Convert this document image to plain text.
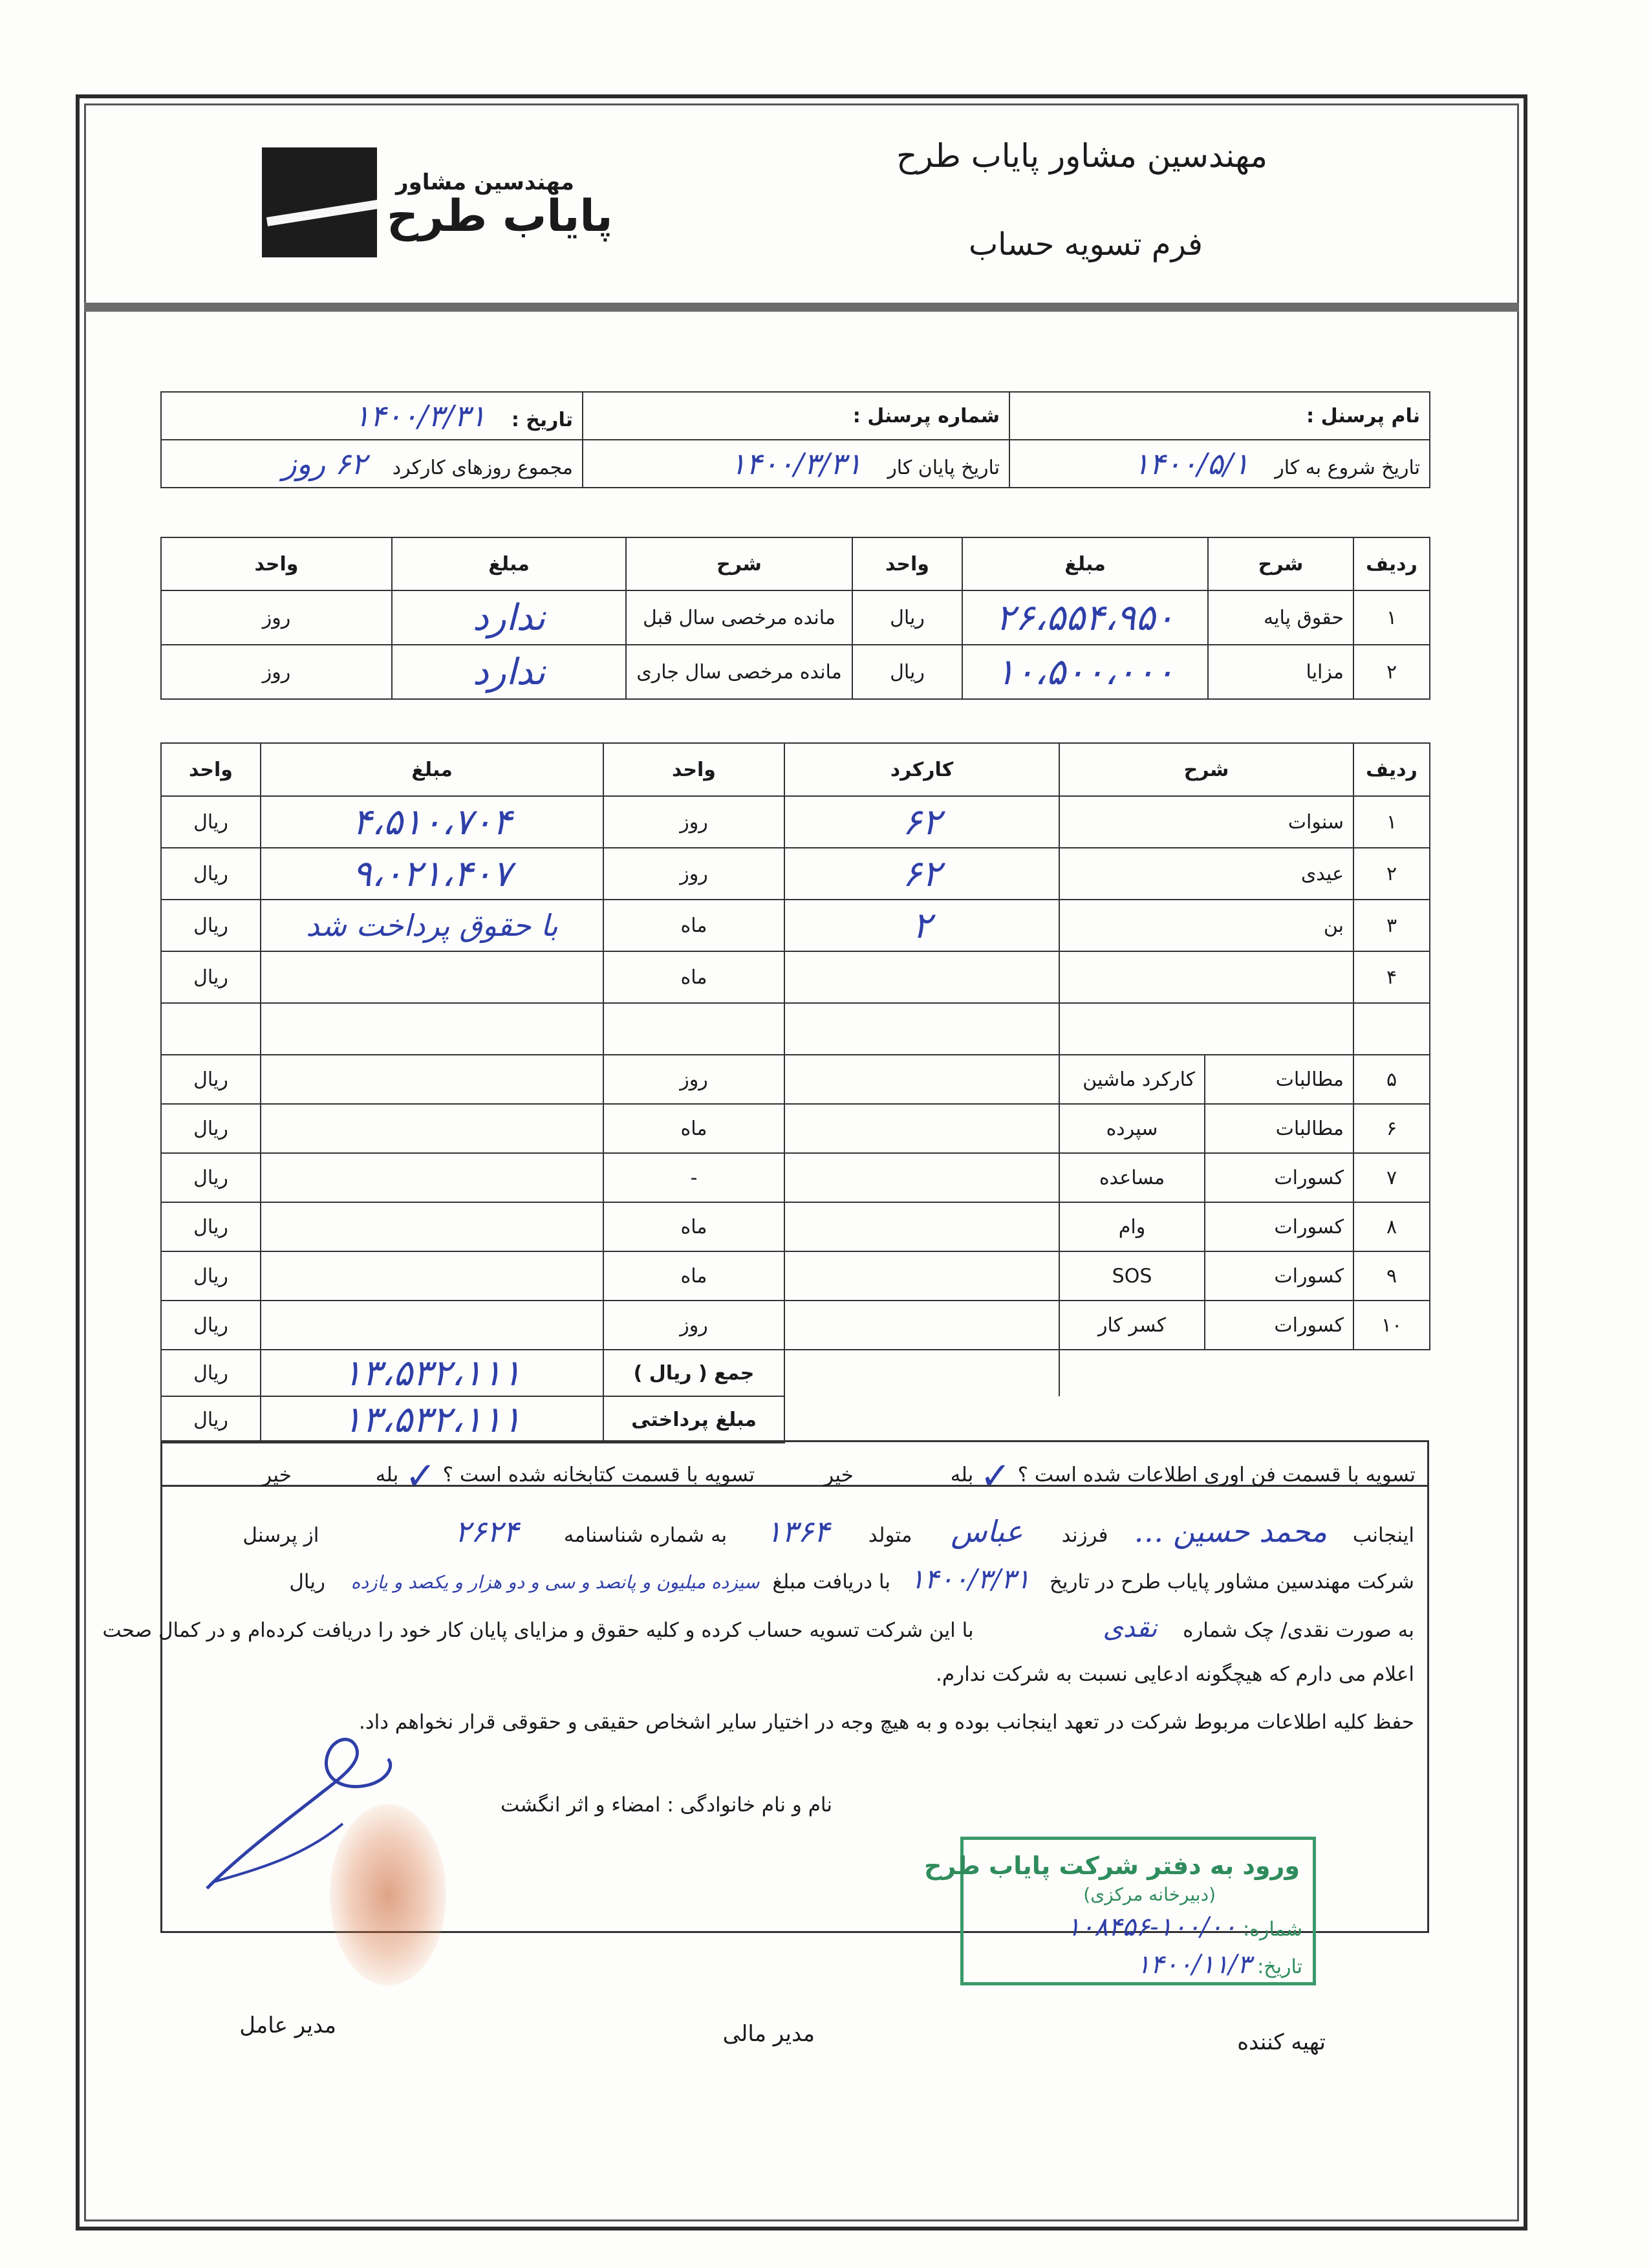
مهندسین مشاور
پایاب طرح
مهندسین مشاور پایاب طرح
فرم تسویه حساب
نام پرسنل :	شماره پرسنل :	تاریخ : ۱۴۰۰/۳/۳۱
تاریخ شروع به کار ۱۴۰۰/۵/۱	تاریخ پایان کار ۱۴۰۰/۳/۳۱	مجموع روزهای کارکرد ۶۲ روز
ردیف	شرح	مبلغ	واحد	شرح	مبلغ	واحد
۱	حقوق پایه	۲۶،۵۵۴،۹۵۰	ریال	مانده مرخصی سال قبل	ندارد	روز
۲	مزایا	۱۰،۵۰۰،۰۰۰	ریال	مانده مرخصی سال جاری	ندارد	روز
ردیف	شرح		کارکرد	واحد	مبلغ	واحد
۱	سنوات		۶۲	روز	۴،۵۱۰،۷۰۴	ریال
۲	عیدی		۶۲	روز	۹،۰۲۱،۴۰۷	ریال
۳	بن		۲	ماه	با حقوق پرداخت شد	ریال
۴				ماه		ریال

۵	مطالبات	کارکرد ماشین		روز		ریال
۶	مطالبات	سپرده		ماه		ریال
۷	کسورات	مساعده		-		ریال
۸	کسورات	وام		ماه		ریال
۹	کسورات	SOS		ماه		ریال
۱۰	کسورات	کسر کار		روز		ریال
				جمع ( ریال )	۱۳،۵۳۲،۱۱۱	ریال
				مبلغ پرداختی	۱۳،۵۳۲،۱۱۱	ریال
تسویه با قسمت فن اوری اطلاعات شده است ؟ ✓ بله خیر
تسویه با قسمت کتابخانه شده است ؟ ✓ بله خیر
اینجانب محمد حسین … فرزند عباس متولد ۱۳۶۴ به شماره شناسنامه ۲۶۲۴ از پرسنل
شرکت مهندسین مشاور پایاب طرح در تاریخ ۱۴۰۰/۳/۳۱ با دریافت مبلغ سیزده میلیون و پانصد و سی و دو هزار و یکصد و یازده ریال
به صورت نقدی/ چک شماره نقدی با این شرکت تسویه حساب کرده و کلیه حقوق و مزایای پایان کار خود را دریافت کرده‌ام و در کمال صحت
اعلام می دارم که هیچگونه ادعایی نسبت به شرکت ندارم.
حفظ کلیه اطلاعات مربوط شرکت در تعهد اینجانب بوده و به هیچ وجه در اختیار سایر اشخاص حقیقی و حقوقی قرار نخواهم داد.
نام و نام خانوادگی : امضاء و اثر انگشت
ورود به دفتر شرکت پایاب طرح
(دبیرخانه مرکزی)
شماره: ۱۰۰/۰۰-۱۰۸۴۵۶
تاریخ: ۱۴۰۰/۱۱/۳
تهیه کننده
مدیر مالی
مدیر عامل
